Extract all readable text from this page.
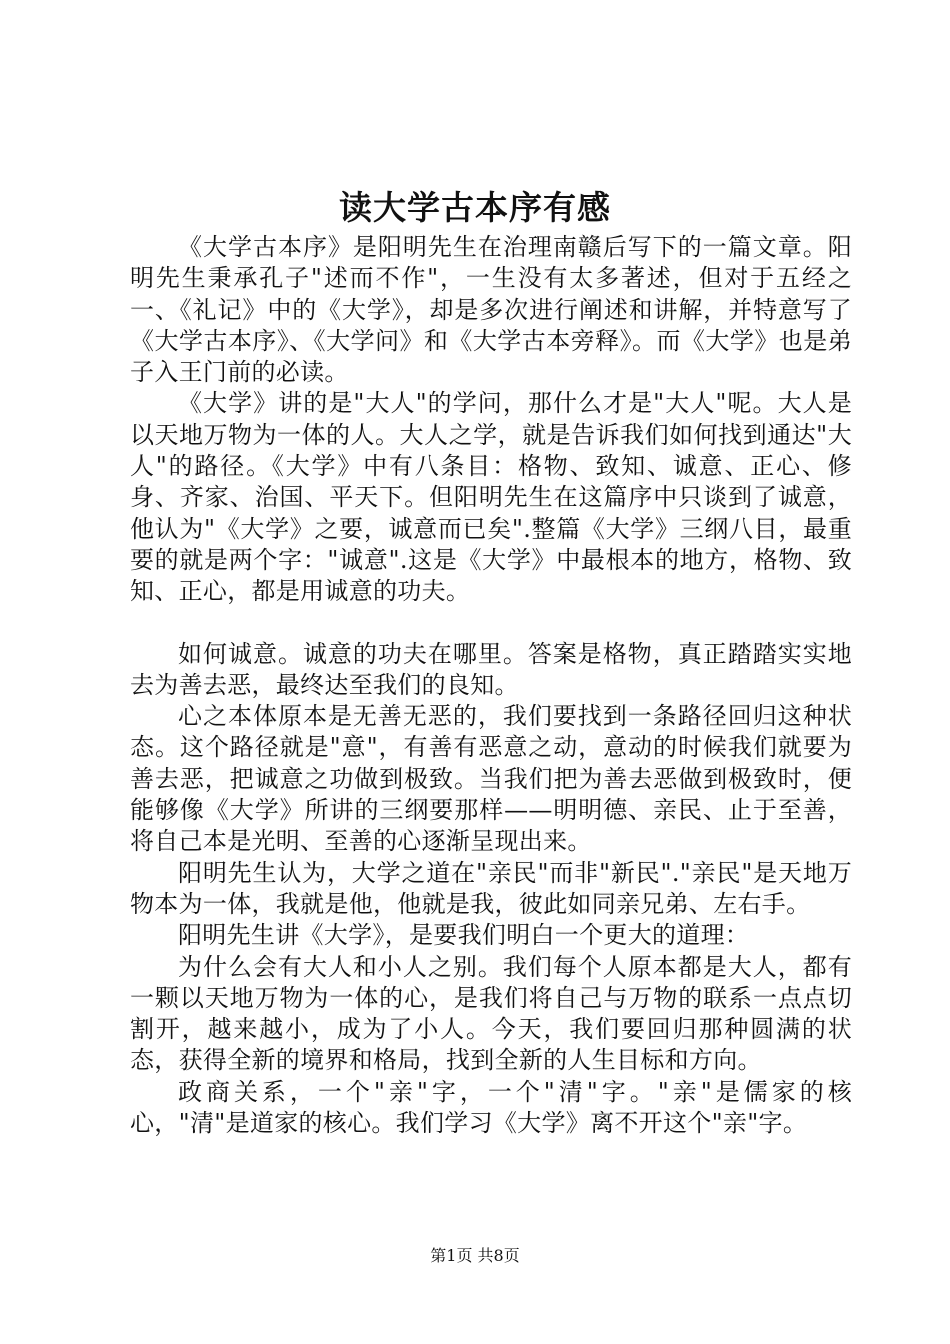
读大学古本序有感

《大学古本序》是阳明先生在治理南赣后写下的一篇文章。阳明先生秉承孔子"述而不作"，一生没有太多著述，但对于五经之一、《礼记》中的《大学》，却是多次进行阐述和讲解，并特意写了《大学古本序》、《大学问》和《大学古本旁释》。而《大学》也是弟子入王门前的必读。

《大学》讲的是"大人"的学问，那什么才是"大人"呢。大人是以天地万物为一体的人。大人之学，就是告诉我们如何找到通达"大人"的路径。《大学》中有八条目：格物、致知、诚意、正心、修身、齐家、治国、平天下。但阳明先生在这篇序中只谈到了诚意，他认为"《大学》之要，诚意而已矣".整篇《大学》三纲八目，最重要的就是两个字："诚意".这是《大学》中最根本的地方，格物、致知、正心，都是用诚意的功夫。

如何诚意。诚意的功夫在哪里。答案是格物，真正踏踏实实地去为善去恶，最终达至我们的良知。

心之本体原本是无善无恶的，我们要找到一条路径回归这种状态。这个路径就是"意"，有善有恶意之动，意动的时候我们就要为善去恶，把诚意之功做到极致。当我们把为善去恶做到极致时，便能够像《大学》所讲的三纲要那样——明明德、亲民、止于至善，将自己本是光明、至善的心逐渐呈现出来。

阳明先生认为，大学之道在"亲民"而非"新民"."亲民"是天地万物本为一体，我就是他，他就是我，彼此如同亲兄弟、左右手。

阳明先生讲《大学》，是要我们明白一个更大的道理：

为什么会有大人和小人之别。我们每个人原本都是大人，都有一颗以天地万物为一体的心，是我们将自己与万物的联系一点点切割开，越来越小，成为了小人。今天，我们要回归那种圆满的状态，获得全新的境界和格局，找到全新的人生目标和方向。

政商关系，一个"亲"字，一个"清"字。"亲"是儒家的核心，"清"是道家的核心。我们学习《大学》离不开这个"亲"字。

第1页 共8页
